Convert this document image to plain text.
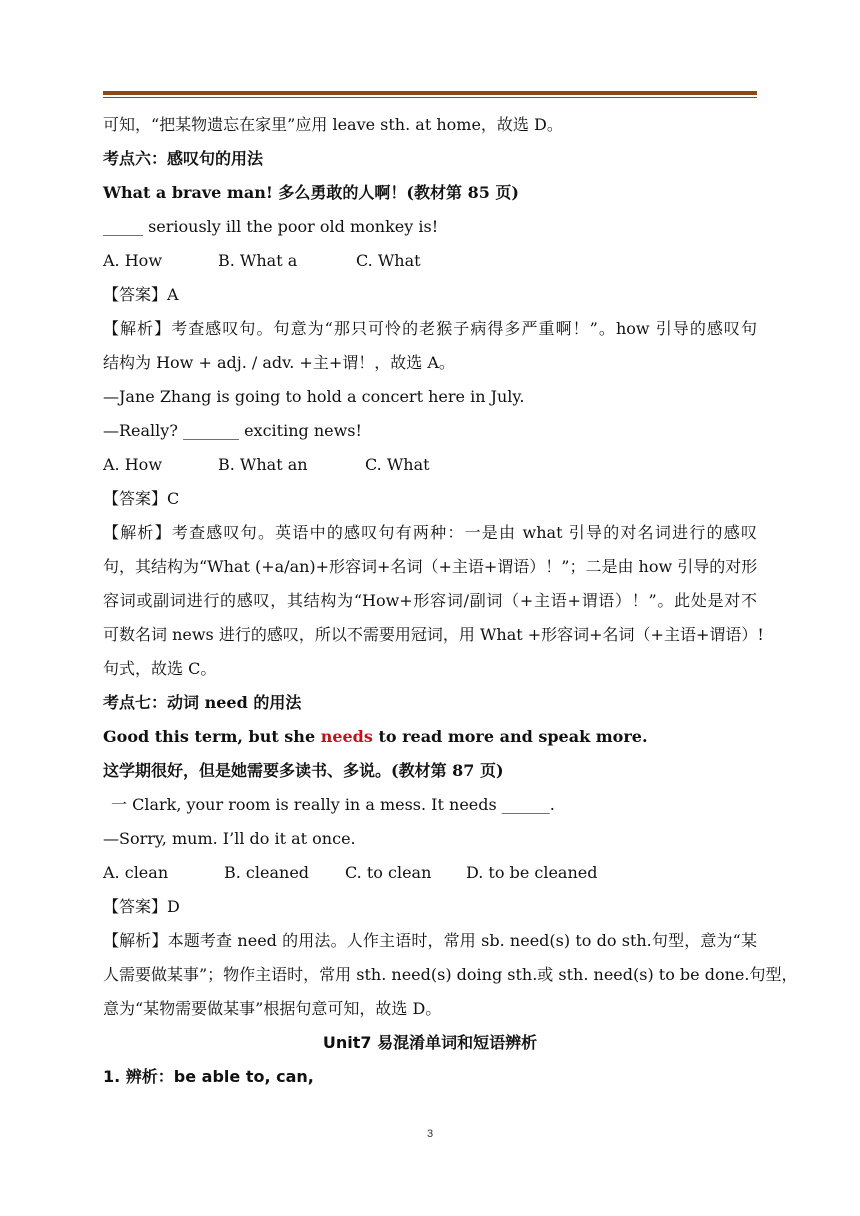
可知，“把某物遗忘在家里”应用 leave sth. at home，故选 D。
考点六：感叹句的用法
What a brave man! 多么勇敢的人啊！(教材第 85 页)
_____ seriously ill the poor old monkey is!
A. How	B. What a	C. What
【答案】A
【解析】考查感叹句。句意为“那只可怜的老猴子病得多严重啊！”。how 引导的感叹句
结构为 How + adj. / adv. +主+谓！，故选 A。
—Jane Zhang is going to hold a concert here in July.
—Really? _______ exciting news!
A. How	B. What an	C. What
【答案】C
【解析】考查感叹句。英语中的感叹句有两种：一是由 what 引导的对名词进行的感叹
句，其结构为“What (+a/an)+形容词+名词（+主语+谓语）！”；二是由 how 引导的对形
容词或副词进行的感叹，其结构为“How+形容词/副词（+主语+谓语）！”。此处是对不
可数名词 news 进行的感叹，所以不需要用冠词，用 What +形容词+名词（+主语+谓语）!
句式，故选 C。
考点七：动词 need 的用法
Good this term, but she needs to read more and speak more.
这学期很好，但是她需要多读书、多说。(教材第 87 页)
一 Clark, your room is really in a mess. It needs ______.
—Sorry, mum. I’ll do it at once.
A. clean	B. cleaned C. to clean D. to be cleaned
【答案】D
【解析】本题考查 need 的用法。人作主语时，常用 sb. need(s) to do sth.句型，意为“某
人需要做某事”；物作主语时，常用 sth. need(s) doing sth.或 sth. need(s) to be done.句型，
意为“某物需要做某事”根据句意可知，故选 D。
Unit7 易混淆单词和短语辨析
1. 辨析：be able to, can,
3
